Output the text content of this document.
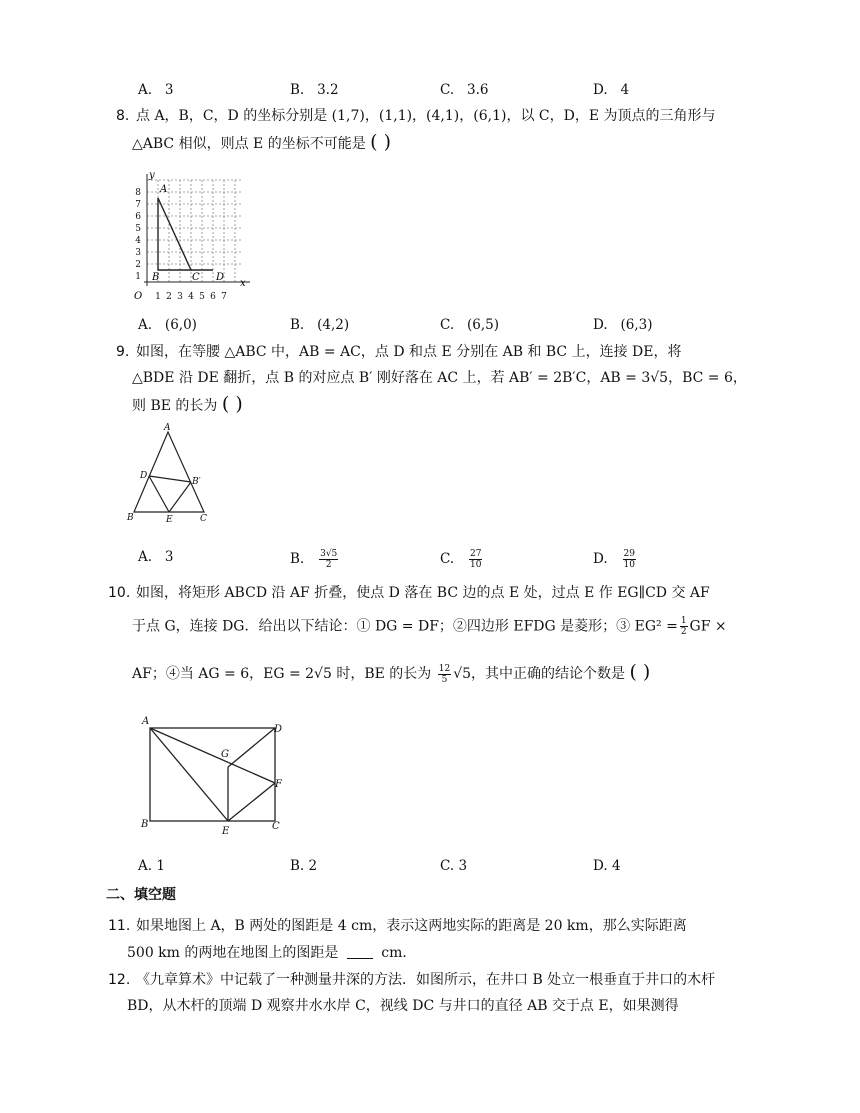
A. 3	B. 3.2	C. 3.6	D. 4
8. 点 A，B，C，D 的坐标分别是 (1,7)，(1,1)，(4,1)，(6,1)，以 C，D，E 为顶点的三角形与
△ABC 相似，则点 E 的坐标不可能是 ( )
y
x
O
1
2
3
4
5
6
7
8
1 2 3 4 5 6 7
A
B	C D
A. (6,0)	B. (4,2)	C. (6,5)	D. (6,3)
9. 如图，在等腰 △ABC 中，AB = AC，点 D 和点 E 分别在 AB 和 BC 上，连接 DE，将
△BDE 沿 DE 翻折，点 B 的对应点 B′ 刚好落在 AC 上，若 AB′ = 2B′C，AB = 3√5，BC = 6，
则 BE 的长为 ( )
A
B	C
D
E
B′
A. 3	B. $\frac{3√5}{2}$	C. $\frac{27}{10}$	D. $\frac{29}{10}$
10. 如图，将矩形 ABCD 沿 AF 折叠，使点 D 落在 BC 边的点 E 处，过点 E 作 EG∥CD 交 AF
于点 G，连接 DG．给出以下结论：① DG = DF；②四边形 EFDG 是菱形；③ $EG^2 = \frac{1}{2}$ GF ×
AF；④当 AG = 6，EG = 2√5 时，BE 的长为 $\frac{12}{5} √5$，其中正确的结论个数是 ( )
A
B	C
D
E
F
G
A. 1	B. 2	C. 3	D. 4
二、填空题
11. 如果地图上 A，B 两处的图距是 4 cm，表示这两地实际的距离是 20 km，那么实际距离
500 km 的两地在地图上的图距是	cm．
12. 《九章算术》中记载了一种测量井深的方法．如图所示，在井口 B 处立一根垂直于井口的木杆
BD，从木杆的顶端 D 观察井水水岸 C，视线 DC 与井口的直径 AB 交于点 E，如果测得
